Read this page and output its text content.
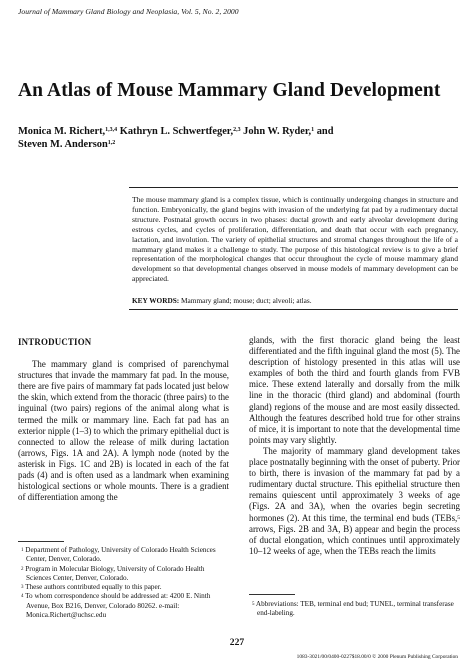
Journal of Mammary Gland Biology and Neoplasia, Vol. 5, No. 2, 2000
An Atlas of Mouse Mammary Gland Development
Monica M. Richert,$^{1,3,4}$ Kathryn L. Schwertfeger,$^{2,3}$ John W. Ryder,$^1$ and
Steven M. Anderson$^{1,2}$

The mouse mammary gland is a complex tissue, which is continually undergoing changes in structure and function. Embryonically, the gland begins with invasion of the underlying fat pad by a rudimentary ductal structure. Postnatal growth occurs in two phases: ductal growth and early alveolar development during estrous cycles, and cycles of proliferation, differentiation, and death that occur with each pregnancy, lactation, and involution. The variety of epithelial structures and stromal changes throughout the life of a mammary gland makes it a challenge to study. The purpose of this histological review is to give a brief representation of the morphological changes that occur throughout the cycle of mouse mammary gland development so that developmental changes observed in mouse models of mammary development can be appreciated.

KEY WORDS: Mammary gland; mouse; duct; alveoli; atlas.

INTRODUCTION

The mammary gland is comprised of parenchymal structures that invade the mammary fat pad. In the mouse, there are five pairs of mammary fat pads located just below the skin, which extend from the thoracic (three pairs) to the inguinal (two pairs) regions of the animal along what is termed the milk or mammary line. Each fat pad has an exterior nipple (1–3) to which the primary epithelial duct is connected to allow the release of milk during lactation (arrows, Figs. 1A and 2A). A lymph node (noted by the asterisk in Figs. 1C and 2B) is located in each of the fat pads (4) and is often used as a landmark when examining histological sections or whole mounts. There is a gradient of differentiation among the

glands, with the first thoracic gland being the least differentiated and the fifth inguinal gland the most (5). The description of histology presented in this atlas will use examples of both the third and fourth glands from FVB mice. These extend laterally and dorsally from the milk line in the thoracic (third gland) and abdominal (fourth gland) regions of the mouse and are most easily dissected. Although the features described hold true for other strains of mice, it is important to note that the developmental time points may vary slightly.

The majority of mammary gland development takes place postnatally beginning with the onset of puberty. Prior to birth, there is invasion of the mammary fat pad by a rudimentary ductal structure. This epithelial structure then remains quiescent until approximately 3 weeks of age (Figs. 2A and 3A), when the ovaries begin secreting hormones (2). At this time, the terminal end buds (TEBs,$^5$ arrows, Figs. 2B and 3A, B) appear and begin the process of ductal elongation, which continues until approximately 10–12 weeks of age, when the TEBs reach the limits

$^1$ Department of Pathology, University of Colorado Health Sciences Center, Denver, Colorado.

$^2$ Program in Molecular Biology, University of Colorado Health Sciences Center, Denver, Colorado.

$^3$ These authors contributed equally to this paper.

$^4$ To whom correspondence should be addressed at: 4200 E. Ninth Avenue, Box B216, Denver, Colorado 80262. e-mail: Monica.Richert@uchsc.edu

$^5$ Abbreviations: TEB, terminal end bud; TUNEL, terminal transferase end-labeling.

227
1083-3021/00/0400-0227$18.00/0 © 2000 Plenum Publishing Corporation
